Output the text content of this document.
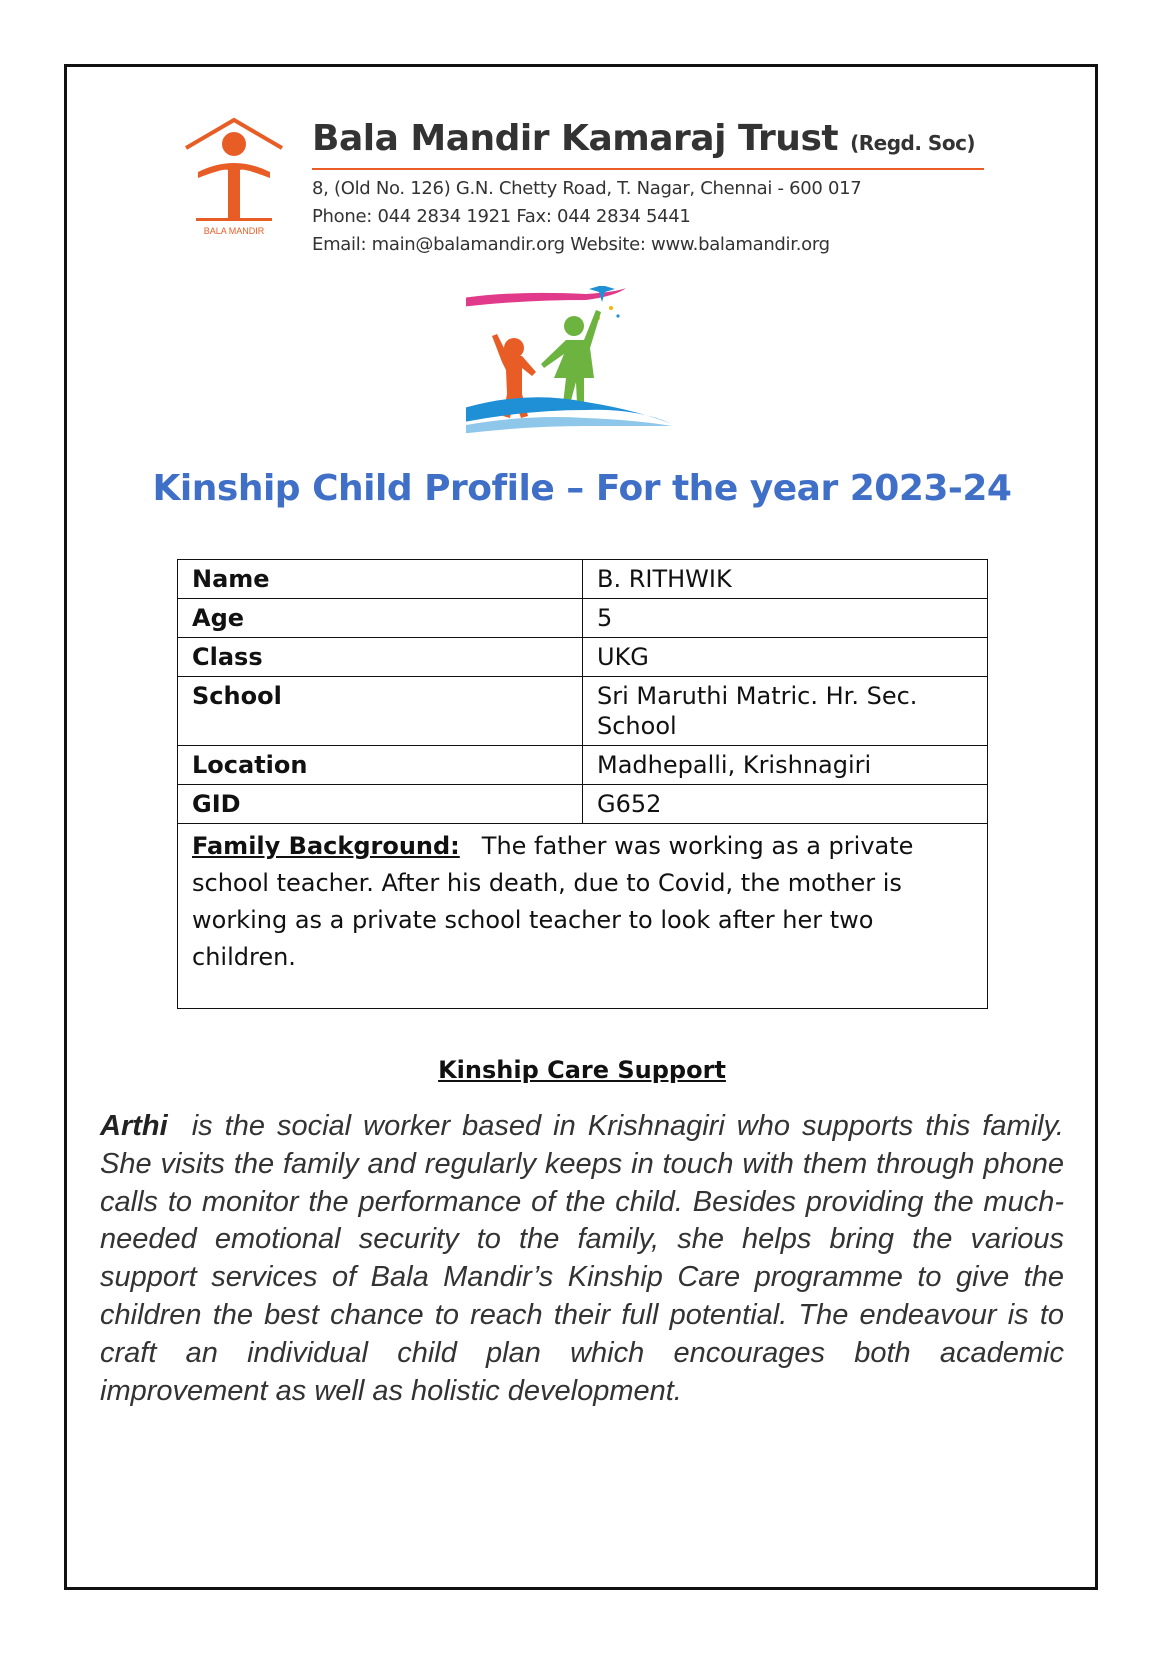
BALA MANDIR
Bala Mandir Kamaraj Trust (Regd. Soc)
8, (Old No. 126) G.N. Chetty Road, T. Nagar, Chennai - 600 017
Phone: 044 2834 1921 Fax: 044 2834 5441
Email: main@balamandir.org Website: www.balamandir.org
Kinship Child Profile – For the year 2023-24
Name	B. RITHWIK
Age	5
Class	UKG
School	Sri Maruthi Matric. Hr. Sec. School
Location	Madhepalli, Krishnagiri
GID	G652

Family Background: The father was working as a private school teacher. After his death, due to Covid, the mother is working as a private school teacher to look after her two children.	
Kinship Care Support
Arthi is the social worker based in Krishnagiri who supports this family. She visits the family and regularly keeps in touch with them through phone calls to monitor the performance of the child. Besides providing the much-needed emotional security to the family, she helps bring the various support services of Bala Mandir’s Kinship Care programme to give the children the best chance to reach their full potential. The endeavour is to craft an individual child plan which encourages both academic improvement as well as holistic development.
